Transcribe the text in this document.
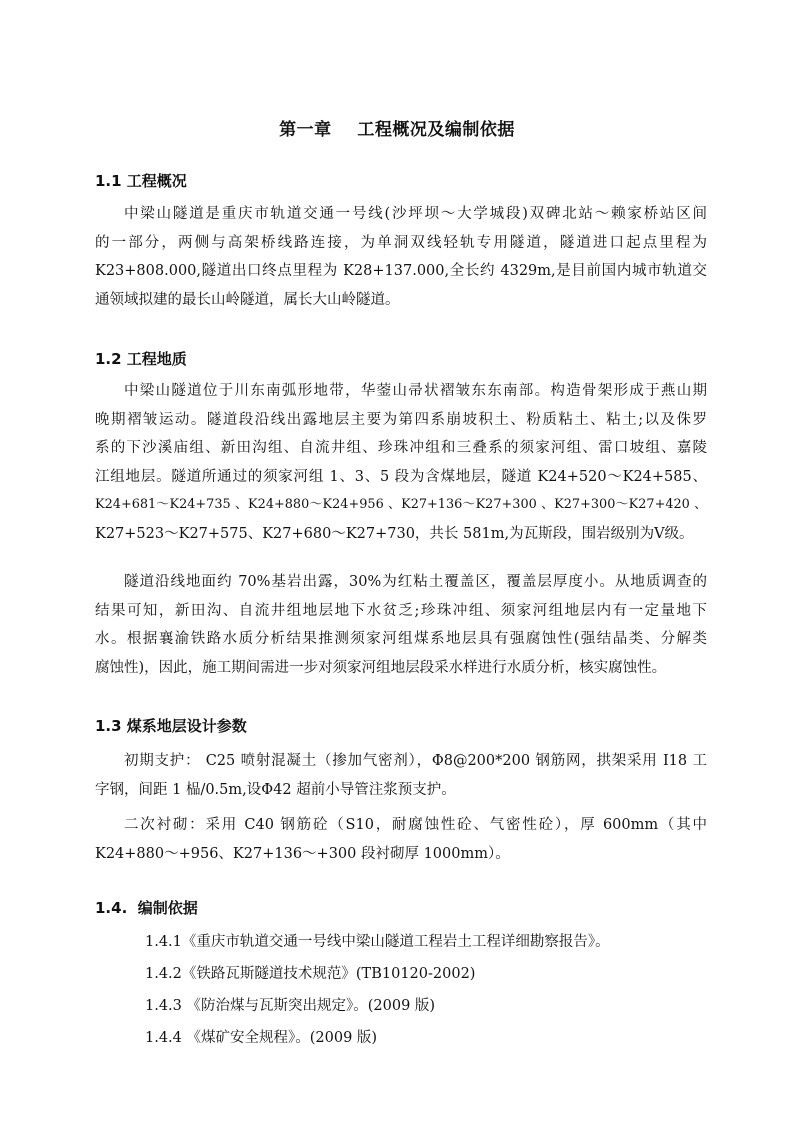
第一章    工程概况及编制依据
1.1 工程概况
中梁山隧道是重庆市轨道交通一号线(沙坪坝～大学城段)双碑北站～赖家桥站区间
的一部分，两侧与高架桥线路连接，为单洞双线轻轨专用隧道，隧道进口起点里程为
K23+808.000,隧道出口终点里程为 K28+137.000,全长约 4329m,是目前国内城市轨道交
通领域拟建的最长山岭隧道，属长大山岭隧道。
1.2 工程地质
中梁山隧道位于川东南弧形地带，华蓥山帚状褶皱东东南部。构造骨架形成于燕山期
晚期褶皱运动。隧道段沿线出露地层主要为第四系崩坡积土、粉质粘土、粘土;以及侏罗
系的下沙溪庙组、新田沟组、自流井组、珍珠冲组和三叠系的须家河组、雷口坡组、嘉陵
江组地层。隧道所通过的须家河组 1、3、5 段为含煤地层，隧道 K24+520～K24+585、
K24+681～K24+735 、K24+880～K24+956 、K27+136～K27+300 、K27+300～K27+420 、
K27+523～K27+575、K27+680～K27+730，共长 581m,为瓦斯段，围岩级别为Ⅴ级。
隧道沿线地面约 70%基岩出露，30%为红粘土覆盖区，覆盖层厚度小。从地质调查的
结果可知，新田沟、自流井组地层地下水贫乏;珍珠冲组、须家河组地层内有一定量地下
水。根据襄渝铁路水质分析结果推测须家河组煤系地层具有强腐蚀性(强结晶类、分解类
腐蚀性)，因此，施工期间需进一步对须家河组地层段采水样进行水质分析，核实腐蚀性。
1.3 煤系地层设计参数
初期支护： C25 喷射混凝土（掺加气密剂），Φ8@200*200 钢筋网，拱架采用 I18 工
字钢，间距 1 榀/0.5m,设Φ42 超前小导管注浆预支护。
二次衬砌：采用 C40 钢筋砼（S10，耐腐蚀性砼、气密性砼），厚 600mm（其中
K24+880～+956、K27+136～+300 段衬砌厚 1000mm）。
1.4.  编制依据
1.4.1《重庆市轨道交通一号线中梁山隧道工程岩土工程详细勘察报告》。
1.4.2《铁路瓦斯隧道技术规范》(TB10120-2002)
1.4.3 《防治煤与瓦斯突出规定》。(2009 版)
1.4.4 《煤矿安全规程》。(2009 版)
